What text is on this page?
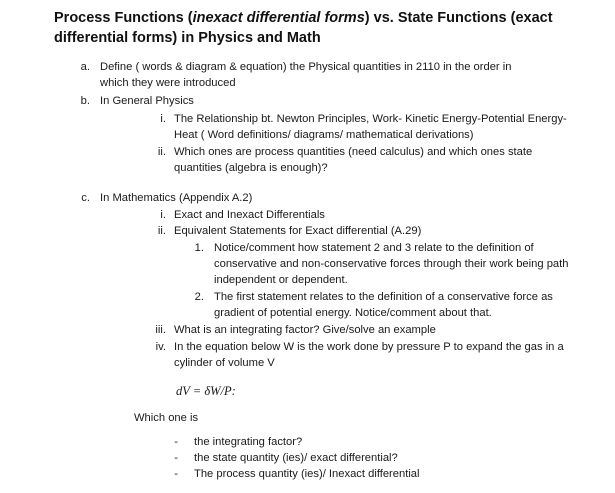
Process Functions (inexact differential forms) vs. State Functions (exact
differential forms) in Physics and Math
a. Define ( words & diagram & equation) the Physical quantities in 2110 in the order in
which they were introduced
b. In General Physics
i. The Relationship bt. Newton Principles, Work- Kinetic Energy-Potential Energy-
Heat ( Word definitions/ diagrams/ mathematical derivations)
ii. Which ones are process quantities (need calculus) and which ones state
quantities (algebra is enough)?
c. In Mathematics (Appendix A.2)
i. Exact and Inexact Differentials
ii. Equivalent Statements for Exact differential (A.29)
1. Notice/comment how statement 2 and 3 relate to the definition of
conservative and non-conservative forces through their work being path
independent or dependent.
2. The first statement relates to the definition of a conservative force as
gradient of potential energy. Notice/comment about that.
iii. What is an integrating factor? Give/solve an example
iv. In the equation below W is the work done by pressure P to expand the gas in a
cylinder of volume V
dV = δW/P:
Which one is
- the integrating factor?
- the state quantity (ies)/ exact differential?
- The process quantity (ies)/ Inexact differential
